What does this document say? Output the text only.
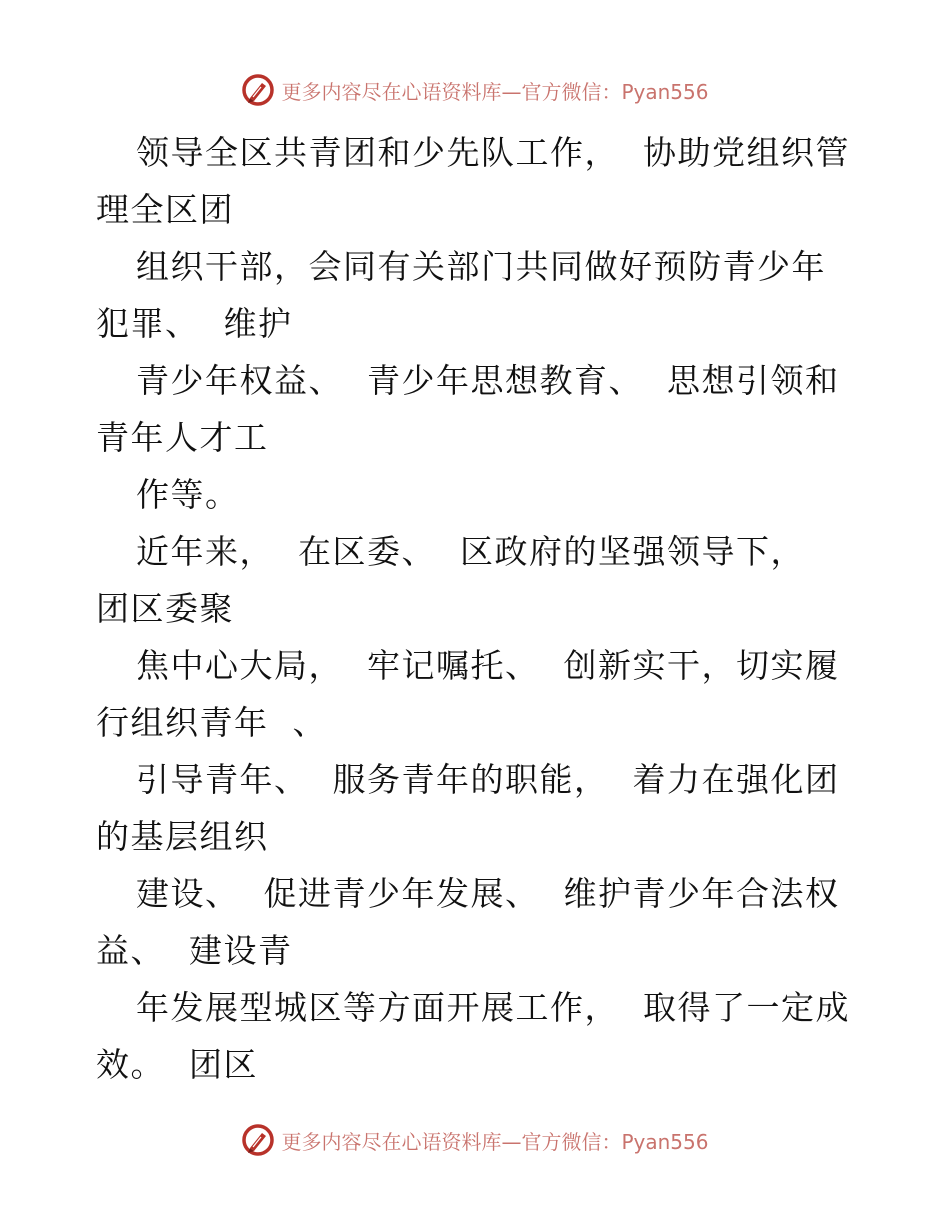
更多内容尽在心语资料库—官方微信：Pyan556

领导全区共青团和少先队工作，  协助党组织管理全区团

组织干部，会同有关部门共同做好预防青少年犯罪、  维护

青少年权益、  青少年思想教育、  思想引领和青年人才工

作等。

近年来，  在区委、  区政府的坚强领导下，  团区委聚

焦中心大局，  牢记嘱托、  创新实干，切实履行组织青年  、

引导青年、  服务青年的职能，  着力在强化团的基层组织

建设、  促进青少年发展、  维护青少年合法权益、  建设青

年发展型城区等方面开展工作，  取得了一定成效。  团区

更多内容尽在心语资料库—官方微信：Pyan556
